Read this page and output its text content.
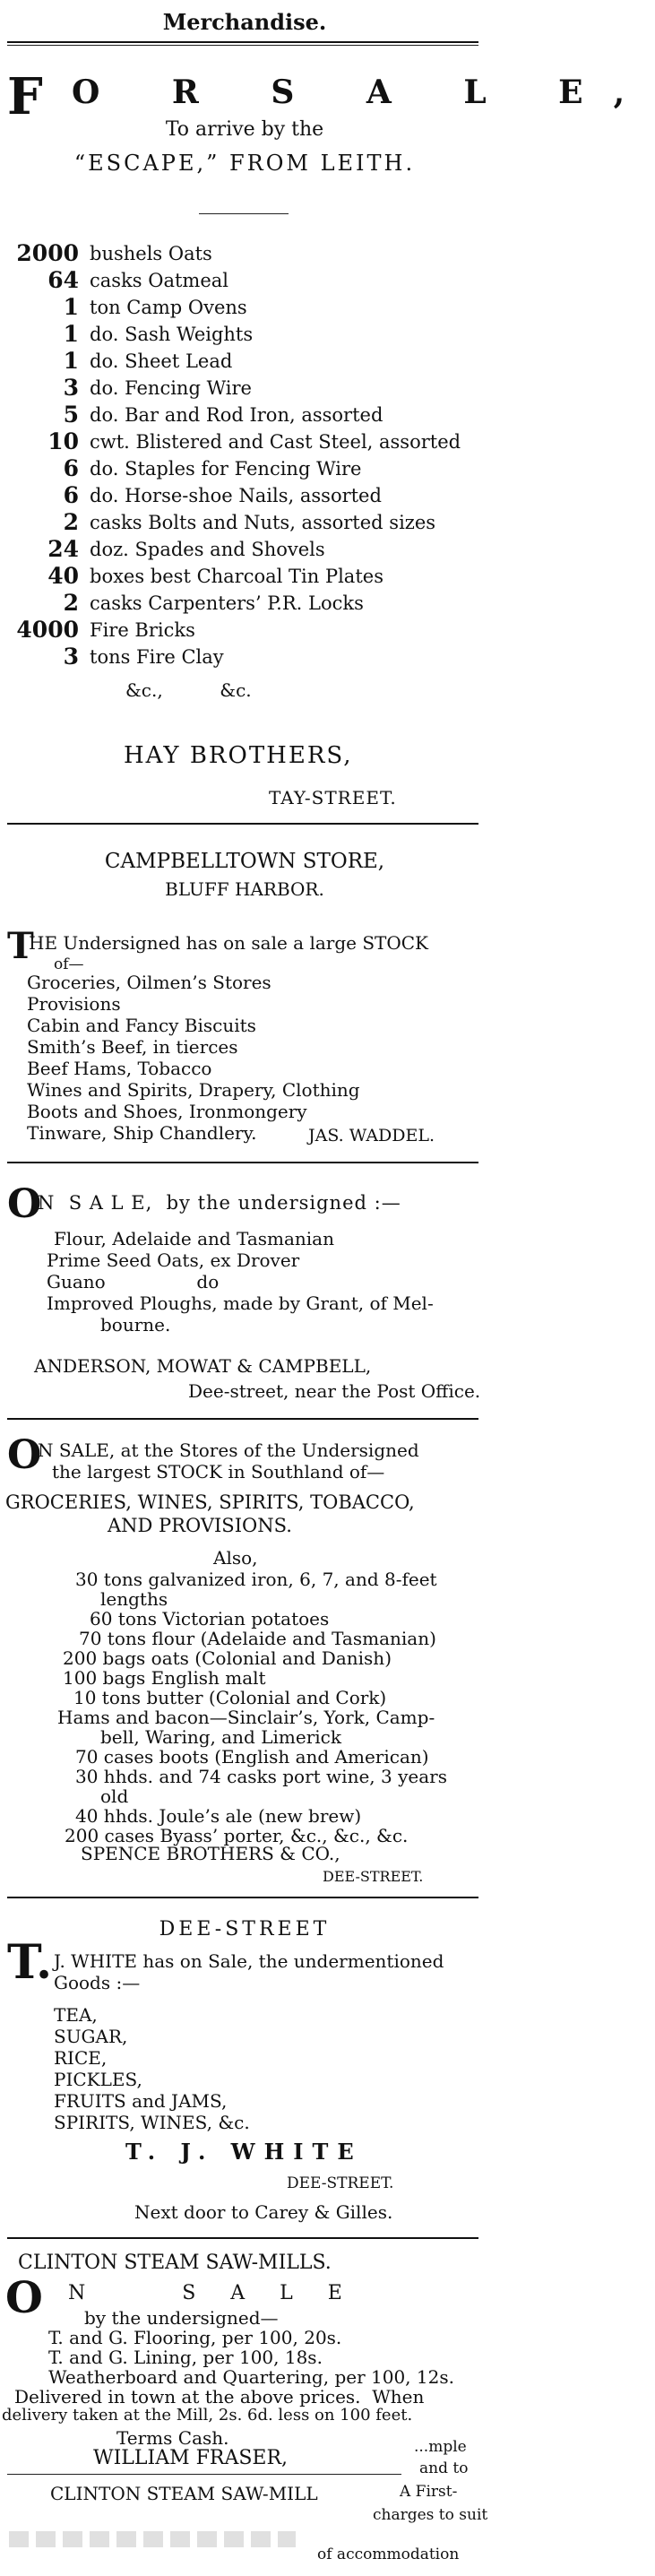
Merchandise.
F O R S A L E,
To arrive by the
“ESCAPE,” FROM LEITH.
2000 bushels Oats
64 casks Oatmeal
1 ton Camp Ovens
1 do. Sash Weights
1 do. Sheet Lead
3 do. Fencing Wire
5 do. Bar and Rod Iron, assorted
10 cwt. Blistered and Cast Steel, assorted
6 do. Staples for Fencing Wire
6 do. Horse-shoe Nails, assorted
2 casks Bolts and Nuts, assorted sizes
24 doz. Spades and Shovels
40 boxes best Charcoal Tin Plates
2 casks Carpenters’ P.R. Locks
4000 Fire Bricks
3 tons Fire Clay
&c.,          &c.
HAY BROTHERS,
TAY-STREET.
CAMPBELLTOWN STORE,
BLUFF HARBOR.
T
HE Undersigned has on sale a large STOCK
of—
Groceries, Oilmen’s Stores
Provisions
Cabin and Fancy Biscuits
Smith’s Beef, in tierces
Beef Hams, Tobacco
Wines and Spirits, Drapery, Clothing
Boots and Shoes, Ironmongery
Tinware, Ship Chandlery.	JAS. WADDEL.
O
N  S A L E,  by the undersigned :—
Flour, Adelaide and Tasmanian
Prime Seed Oats, ex Drover
Guano                do
Improved Ploughs, made by Grant, of Mel-
bourne.
ANDERSON, MOWAT & CAMPBELL,
Dee-street, near the Post Office.
O
N SALE, at the Stores of the Undersigned
the largest STOCK in Southland of—
GROCERIES, WINES, SPIRITS, TOBACCO,
AND PROVISIONS.
Also,
30 tons galvanized iron, 6, 7, and 8-feet
lengths
60 tons Victorian potatoes
70 tons flour (Adelaide and Tasmanian)
200 bags oats (Colonial and Danish)
100 bags English malt
10 tons butter (Colonial and Cork)
Hams and bacon—Sinclair’s, York, Camp-
bell, Waring, and Limerick
70 cases boots (English and American)
30 hhds. and 74 casks port wine, 3 years
old
40 hhds. Joule’s ale (new brew)
200 cases Byass’ porter, &c., &c., &c.
SPENCE BROTHERS & CO.,
DEE-STREET.
DEE-STREET
T. J. WHITE has on Sale, the undermentioned
Goods :—
TEA,
SUGAR,
RICE,
PICKLES,
FRUITS and JAMS,
SPIRITS, WINES, &c.
T. J. WHITE
DEE-STREET.
Next door to Carey & Gilles.
CLINTON STEAM SAW-MILLS.
O N    S A L E
by the undersigned—
T. and G. Flooring, per 100, 20s.
T. and G. Lining, per 100, 18s.
Weatherboard and Quartering, per 100, 12s.
Delivered in town at the above prices.  When
delivery taken at the Mill, 2s. 6d. less on 100 feet.
Terms Cash.
WILLIAM FRASER,
CLINTON STEAM SAW-MILL
...mple
and to
A First-
charges to suit
of accommodation
